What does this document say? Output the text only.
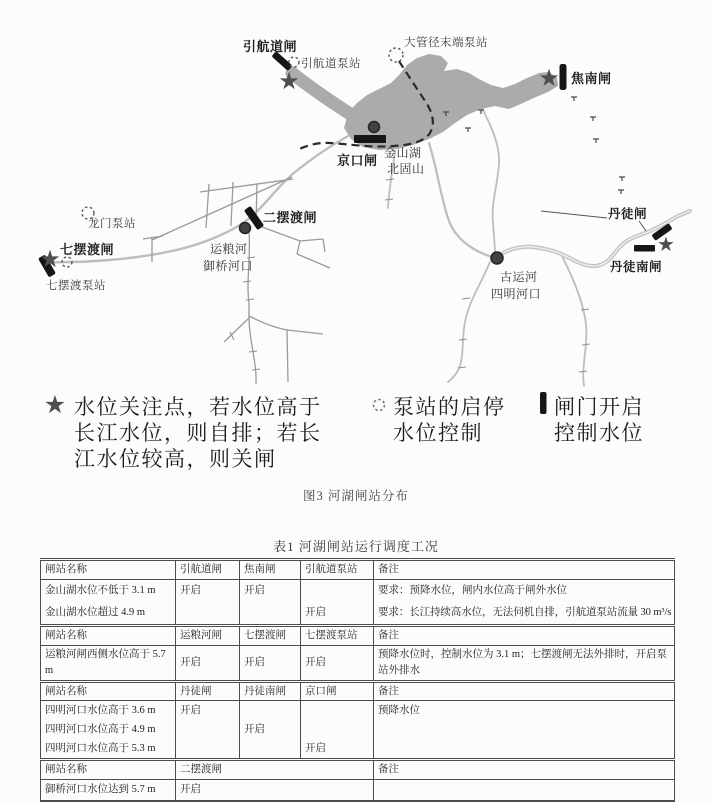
★	★
★
★
引航道闸
引航道泵站
大管径末端泵站
焦南闸
京口闸 金山湖
北固山
龙门泵站
七摆渡闸
七摆渡泵站
二摆渡闸
运粮河
御桥河口
古运河
四明河口
丹徒闸
丹徒南闸
★ 水位关注点，若水位高于
长江水位，则自排；若长
江水位较高，则关闸
泵站的启停
水位控制
闸门开启
控制水位
图3 河湖闸站分布
表1 河湖闸站运行调度工况
闸站名称	引航道闸	焦南闸	引航道泵站	备注
金山湖水位不低于 3.1 m	开启	开启		要求：预降水位，闸内水位高于闸外水位
金山湖水位超过 4.9 m			开启	要求：长江持续高水位，无法伺机自排，引航道泵站流量 30 m³/s
闸站名称	运粮河闸	七摆渡闸	七摆渡泵站	备注
运粮河闸西侧水位高于 5.7 m	开启	开启	开启	预降水位时，控制水位为 3.1 m；七摆渡闸无法外排时，开启泵站外排水
闸站名称	丹徒闸	丹徒南闸	京口闸	备注
四明河口水位高于 3.6 m	开启			预降水位
四明河口水位高于 4.9 m		开启		
四明河口水位高于 5.3 m			开启	
闸站名称	二摆渡闸			备注
御桥河口水位达到 5.7 m	开启			
